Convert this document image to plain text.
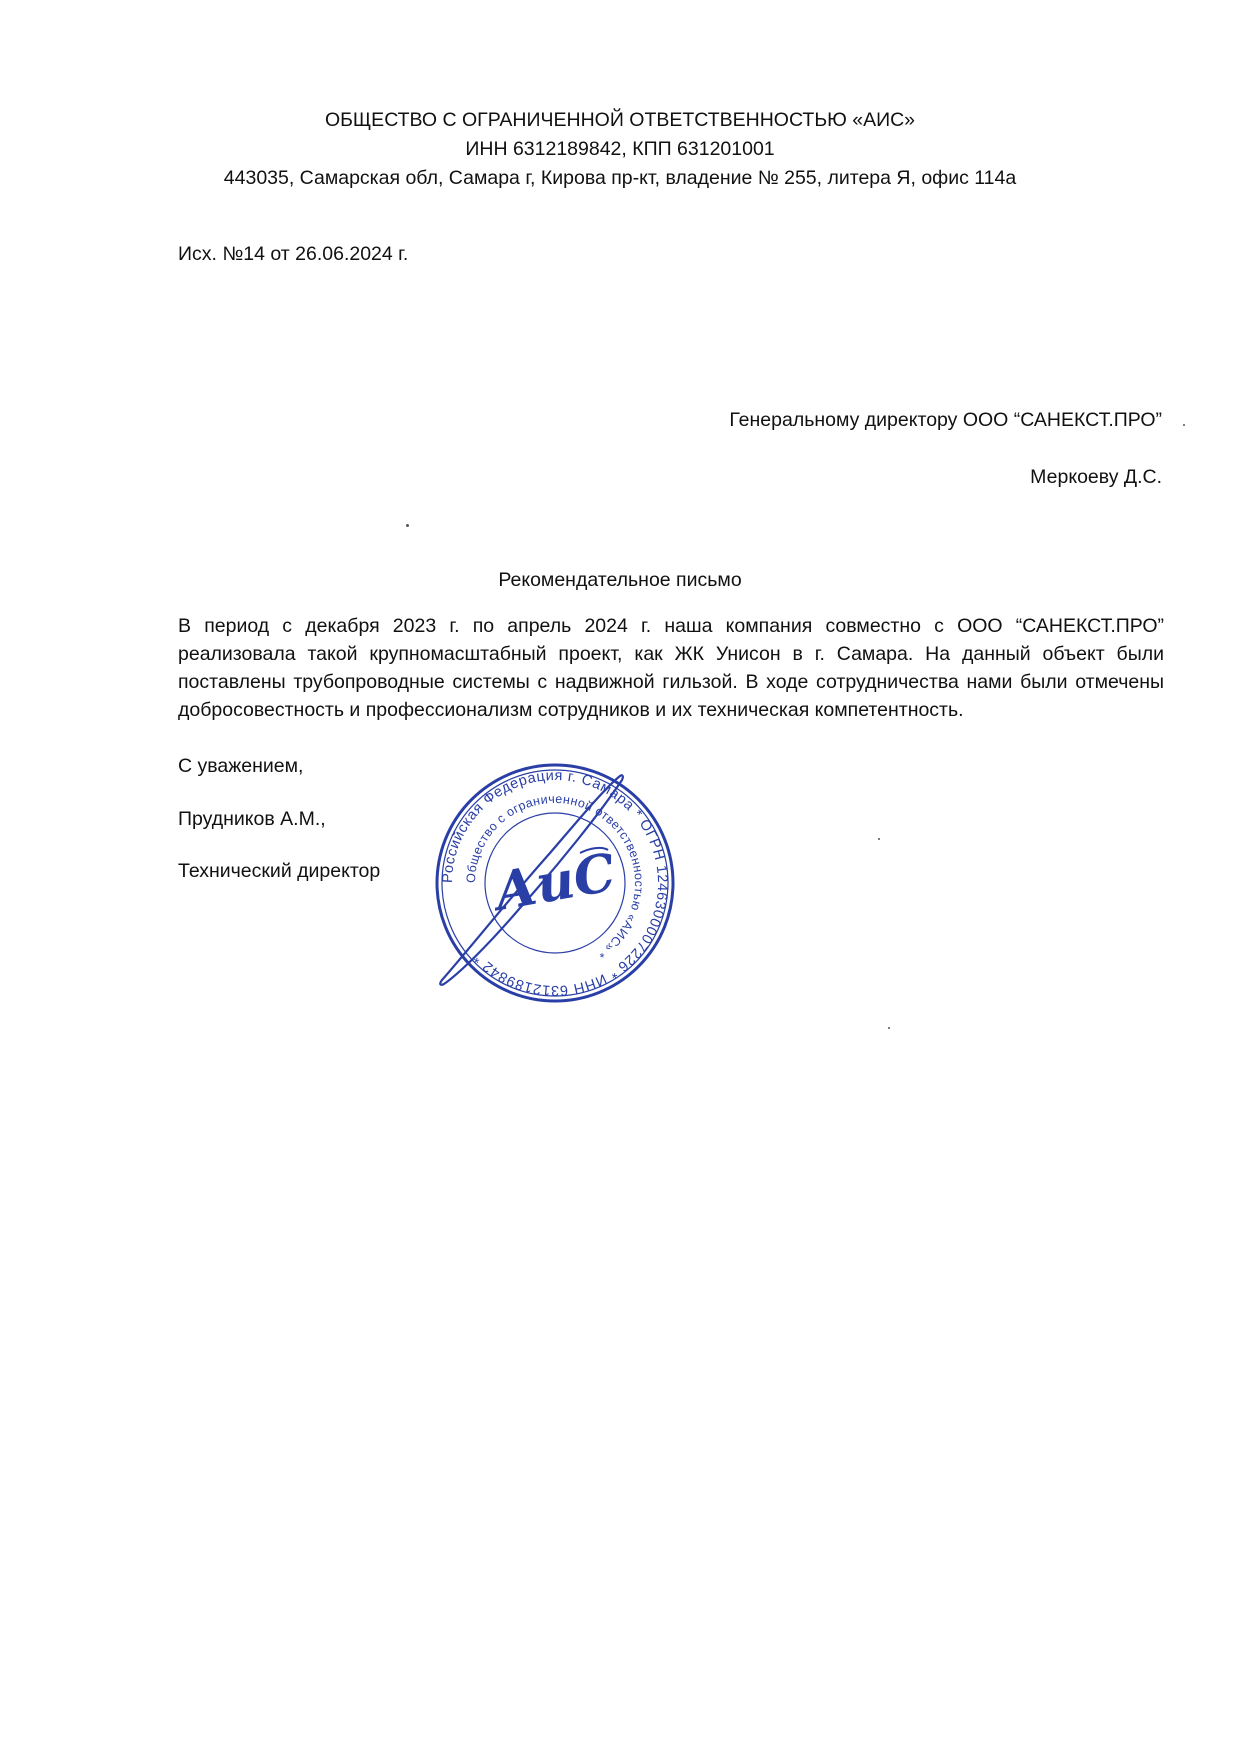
ОБЩЕСТВО С ОГРАНИЧЕННОЙ ОТВЕТСТВЕННОСТЬЮ «АИС»
ИНН 6312189842, КПП 631201001
443035, Самарская обл, Самара г, Кирова пр-кт, владение № 255, литера Я, офис 114а
Исх. №14 от 26.06.2024 г.
Генеральному директору ООО “САНЕКСТ.ПРО”
Меркоеву Д.С.
Рекомендательное письмо
В период с декабря 2023 г. по апрель 2024 г. наша компания совместно с ООО “САНЕКСТ.ПРО” реализовала такой крупномасштабный проект, как ЖК Унисон в г. Самара. На данный объект были поставлены трубопроводные системы с надвижной гильзой. В ходе сотрудничества нами были отмечены добросовестность и профессионализм сотрудников и их техническая компетентность.
С уважением,
Прудников А.М.,
Технический директор	Российская Федерация г. Самара * ОГРН 1246300007226 * ИНН 6312189842 *
Общество с ограниченной ответственностью «АИС» *
АиС
